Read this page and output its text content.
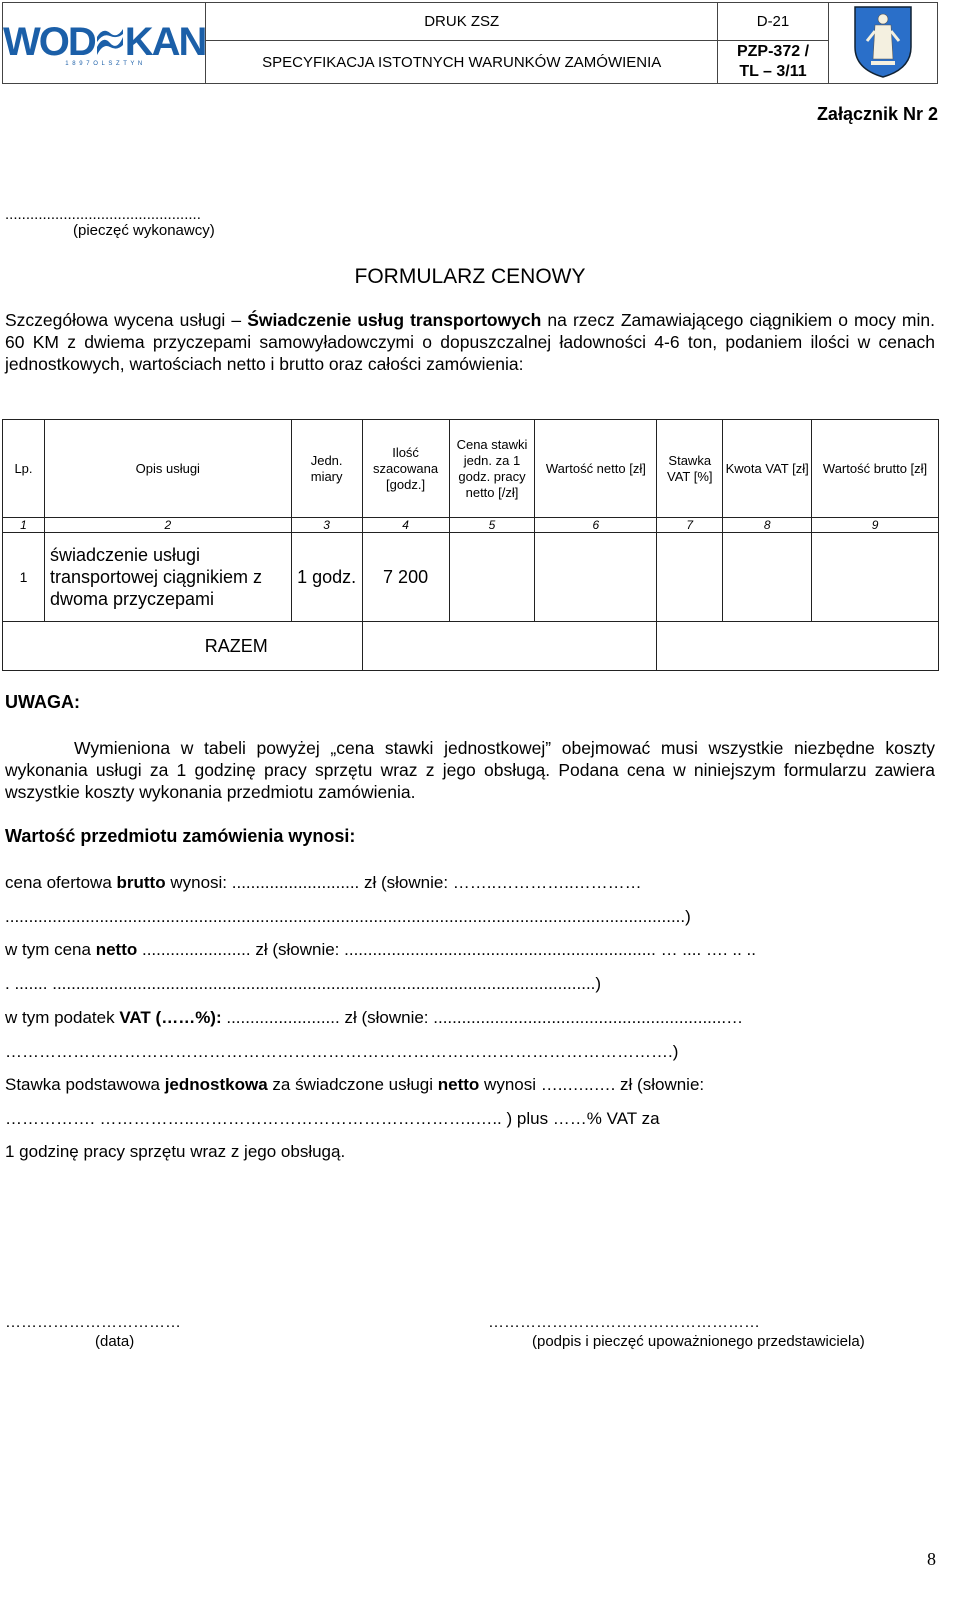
WOD KAN
1 8 9 7 O L S Z T Y N	DRUK ZSZ	D-21	
	SPECYFIKACJA ISTOTNYCH WARUNKÓW ZAMÓWIENIA	PZP-372 /
TL – 3/11	
Załącznik Nr 2
...............................................
(pieczęć wykonawcy)
FORMULARZ CENOWY
Szczegółowa wycena usługi – Świadczenie usług transportowych na rzecz Zamawiającego ciągnikiem o mocy min. 60 KM z dwiema przyczepami samowyładowczymi o dopuszczalnej ładowności 4-6 ton, podaniem ilości w cenach jednostkowych, wartościach netto i brutto oraz całości zamówienia:
Lp.	Opis usługi	Jedn. miary	Ilość szacowana [godz.]	Cena stawki jedn. za 1 godz. pracy netto [/zł]	Wartość netto [zł]	Stawka VAT [%]	Kwota VAT [zł]	Wartość brutto [zł]
1	2	3	4	5	6	7	8	9
1	świadczenie usługi transportowej ciągnikiem z dwoma przyczepami	1 godz.	7 200					
RAZEM								
UWAGA:
Wymieniona w tabeli powyżej „cena stawki jednostkowej” obejmować musi wszystkie niezbędne koszty wykonania usługi za 1 godzinę pracy sprzętu wraz z jego obsługą. Podana cena w niniejszym formularzu zawiera wszystkie koszty wykonania przedmiotu zamówienia.
Wartość przedmiotu zamówienia wynosi:
cena ofertowa brutto wynosi: ........................... zł (słownie: ……..…………..…………
................................................................................................................................................)
w tym cena netto ....................... zł (słownie: .................................................................. … .... …. .. ..
. ....... ...................................................................................................................)
w tym podatek VAT (……%): ........................ zł (słownie: ..............................................................…
……………………………………………………………………………………………………….)
Stawka podstawowa jednostkowa za świadczone usługi netto wynosi …..…..…. zł (słownie:
……………. ……………..…………………………………………..….. ) plus ……% VAT za
1 godzinę pracy sprzętu wraz z jego obsługą.
……………………………
(data)
……………………………………………
(podpis i pieczęć upoważnionego przedstawiciela)
8
